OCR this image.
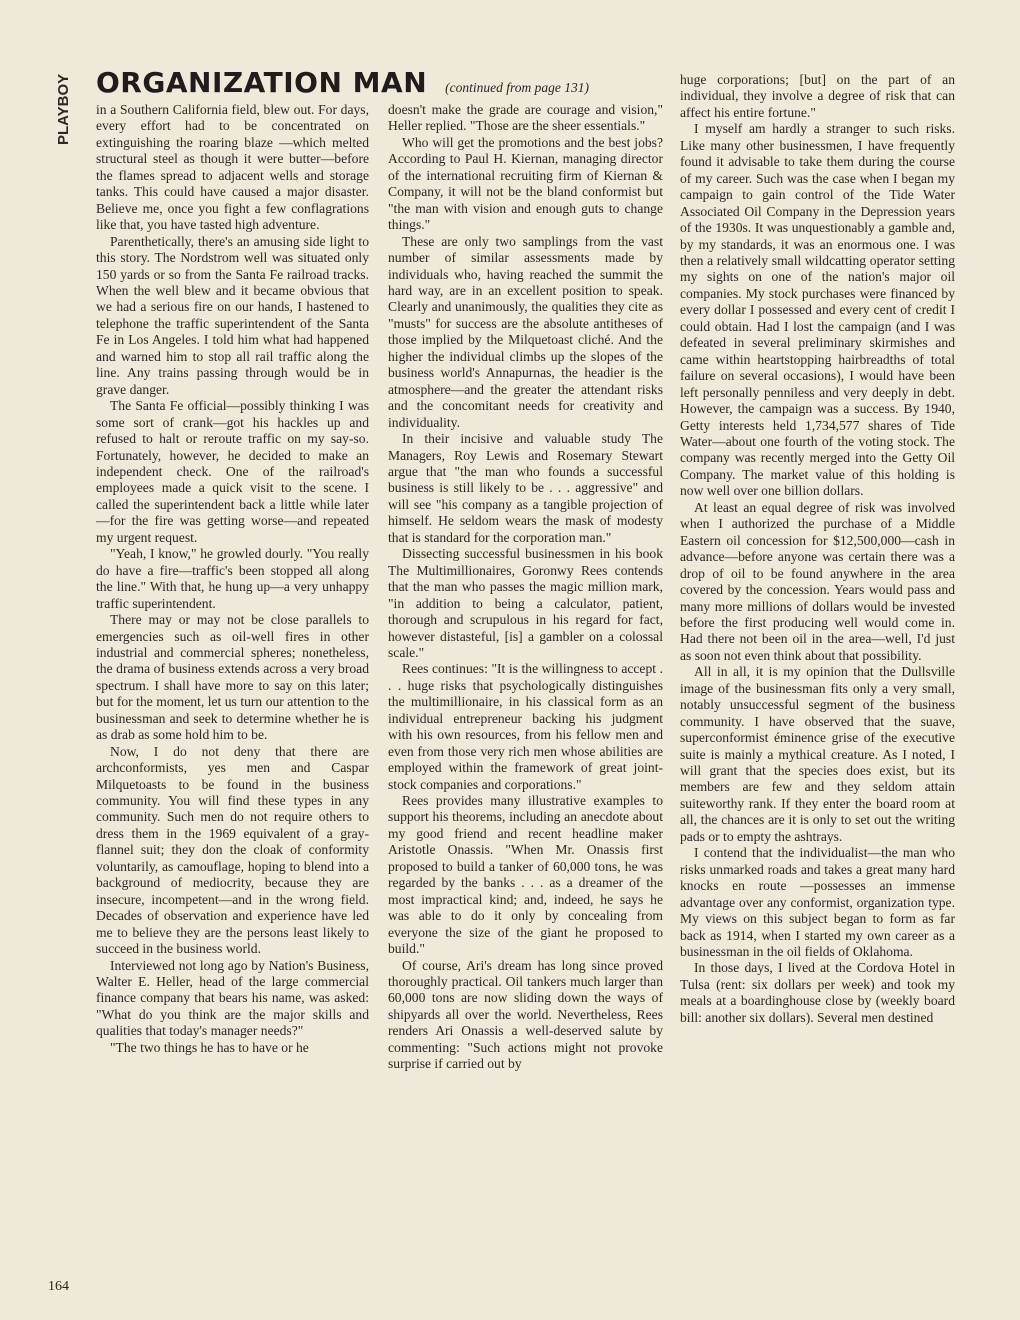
PLAYBOY ORGANIZATION MAN (continued from page 131)

in a Southern California field, blew out. For days, every effort had to be concentrated on extinguishing the roaring blaze —which melted structural steel as though it were butter—before the flames spread to adjacent wells and storage tanks. This could have caused a major disaster. Believe me, once you fight a few conflagrations like that, you have tasted high adventure.

Parenthetically, there's an amusing side light to this story. The Nordstrom well was situated only 150 yards or so from the Santa Fe railroad tracks. When the well blew and it became obvious that we had a serious fire on our hands, I hastened to telephone the traffic superintendent of the Santa Fe in Los Angeles. I told him what had happened and warned him to stop all rail traffic along the line. Any trains passing through would be in grave danger.

The Santa Fe official—possibly thinking I was some sort of crank—got his hackles up and refused to halt or reroute traffic on my say-so. Fortunately, however, he decided to make an independent check. One of the railroad's employees made a quick visit to the scene. I called the superintendent back a little while later—for the fire was getting worse—and repeated my urgent request.

"Yeah, I know," he growled dourly. "You really do have a fire—traffic's been stopped all along the line." With that, he hung up—a very unhappy traffic superintendent.

There may or may not be close parallels to emergencies such as oil-well fires in other industrial and commercial spheres; nonetheless, the drama of business extends across a very broad spectrum. I shall have more to say on this later; but for the moment, let us turn our attention to the businessman and seek to determine whether he is as drab as some hold him to be.

Now, I do not deny that there are archconformists, yes men and Caspar Milquetoasts to be found in the business community. You will find these types in any community. Such men do not require others to dress them in the 1969 equivalent of a gray-flannel suit; they don the cloak of conformity voluntarily, as camouflage, hoping to blend into a background of mediocrity, because they are insecure, incompetent—and in the wrong field. Decades of observation and experience have led me to believe they are the persons least likely to succeed in the business world.

Interviewed not long ago by Nation's Business, Walter E. Heller, head of the large commercial finance company that bears his name, was asked: "What do you think are the major skills and qualities that today's manager needs?"

"The two things he has to have or he

doesn't make the grade are courage and vision," Heller replied. "Those are the sheer essentials."

Who will get the promotions and the best jobs? According to Paul H. Kiernan, managing director of the international recruiting firm of Kiernan & Company, it will not be the bland conformist but "the man with vision and enough guts to change things."

These are only two samplings from the vast number of similar assessments made by individuals who, having reached the summit the hard way, are in an excellent position to speak. Clearly and unanimously, the qualities they cite as "musts" for success are the absolute antitheses of those implied by the Milquetoast cliché. And the higher the individual climbs up the slopes of the business world's Annapurnas, the headier is the atmosphere—and the greater the attendant risks and the concomitant needs for creativity and individuality.

In their incisive and valuable study The Managers, Roy Lewis and Rosemary Stewart argue that "the man who founds a successful business is still likely to be . . . aggressive" and will see "his company as a tangible projection of himself. He seldom wears the mask of modesty that is standard for the corporation man."

Dissecting successful businessmen in his book The Multimillionaires, Goronwy Rees contends that the man who passes the magic million mark, "in addition to being a calculator, patient, thorough and scrupulous in his regard for fact, however distasteful, [is] a gambler on a colossal scale."

Rees continues: "It is the willingness to accept . . . huge risks that psychologically distinguishes the multimillionaire, in his classical form as an individual entrepreneur backing his judgment with his own resources, from his fellow men and even from those very rich men whose abilities are employed within the framework of great joint-stock companies and corporations."

Rees provides many illustrative examples to support his theorems, including an anecdote about my good friend and recent headline maker Aristotle Onassis. "When Mr. Onassis first proposed to build a tanker of 60,000 tons, he was regarded by the banks . . . as a dreamer of the most impractical kind; and, indeed, he says he was able to do it only by concealing from everyone the size of the giant he proposed to build."

Of course, Ari's dream has long since proved thoroughly practical. Oil tankers much larger than 60,000 tons are now sliding down the ways of shipyards all over the world. Nevertheless, Rees renders Ari Onassis a well-deserved salute by commenting: "Such actions might not provoke surprise if carried out by

huge corporations; [but] on the part of an individual, they involve a degree of risk that can affect his entire fortune."

I myself am hardly a stranger to such risks. Like many other businessmen, I have frequently found it advisable to take them during the course of my career. Such was the case when I began my campaign to gain control of the Tide Water Associated Oil Company in the Depression years of the 1930s. It was unquestionably a gamble and, by my standards, it was an enormous one. I was then a relatively small wildcatting operator setting my sights on one of the nation's major oil companies. My stock purchases were financed by every dollar I possessed and every cent of credit I could obtain. Had I lost the campaign (and I was defeated in several preliminary skirmishes and came within heartstopping hairbreadths of total failure on several occasions), I would have been left personally penniless and very deeply in debt. However, the campaign was a success. By 1940, Getty interests held 1,734,577 shares of Tide Water—about one fourth of the voting stock. The company was recently merged into the Getty Oil Company. The market value of this holding is now well over one billion dollars.

At least an equal degree of risk was involved when I authorized the purchase of a Middle Eastern oil concession for $12,500,000—cash in advance—before anyone was certain there was a drop of oil to be found anywhere in the area covered by the concession. Years would pass and many more millions of dollars would be invested before the first producing well would come in. Had there not been oil in the area—well, I'd just as soon not even think about that possibility.

All in all, it is my opinion that the Dullsville image of the businessman fits only a very small, notably unsuccessful segment of the business community. I have observed that the suave, superconformist éminence grise of the executive suite is mainly a mythical creature. As I noted, I will grant that the species does exist, but its members are few and they seldom attain suiteworthy rank. If they enter the board room at all, the chances are it is only to set out the writing pads or to empty the ashtrays.

I contend that the individualist—the man who risks unmarked roads and takes a great many hard knocks en route —possesses an immense advantage over any conformist, organization type. My views on this subject began to form as far back as 1914, when I started my own career as a businessman in the oil fields of Oklahoma.

In those days, I lived at the Cordova Hotel in Tulsa (rent: six dollars per week) and took my meals at a boardinghouse close by (weekly board bill: another six dollars). Several men destined

164
